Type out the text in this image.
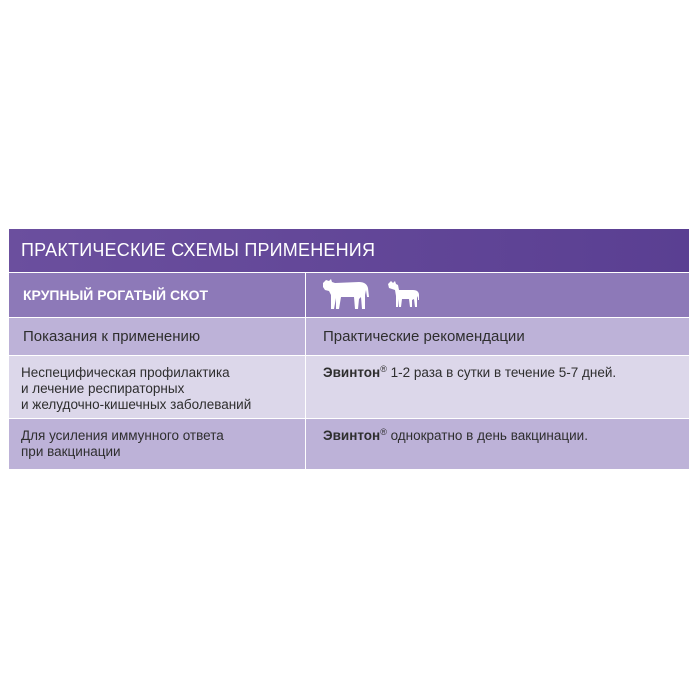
ПРАКТИЧЕСКИЕ СХЕМЫ ПРИМЕНЕНИЯ
КРУПНЫЙ РОГАТЫЙ СКОТ
Показания к применению	Практические рекомендации
Неспецифическая профилактика
и лечение респираторных
и желудочно-кишечных заболеваний
Эвинтон® 1-2 раза в сутки в течение 5-7 дней.
Для усиления иммунного ответа
при вакцинации
Эвинтон® однократно в день вакцинации.
